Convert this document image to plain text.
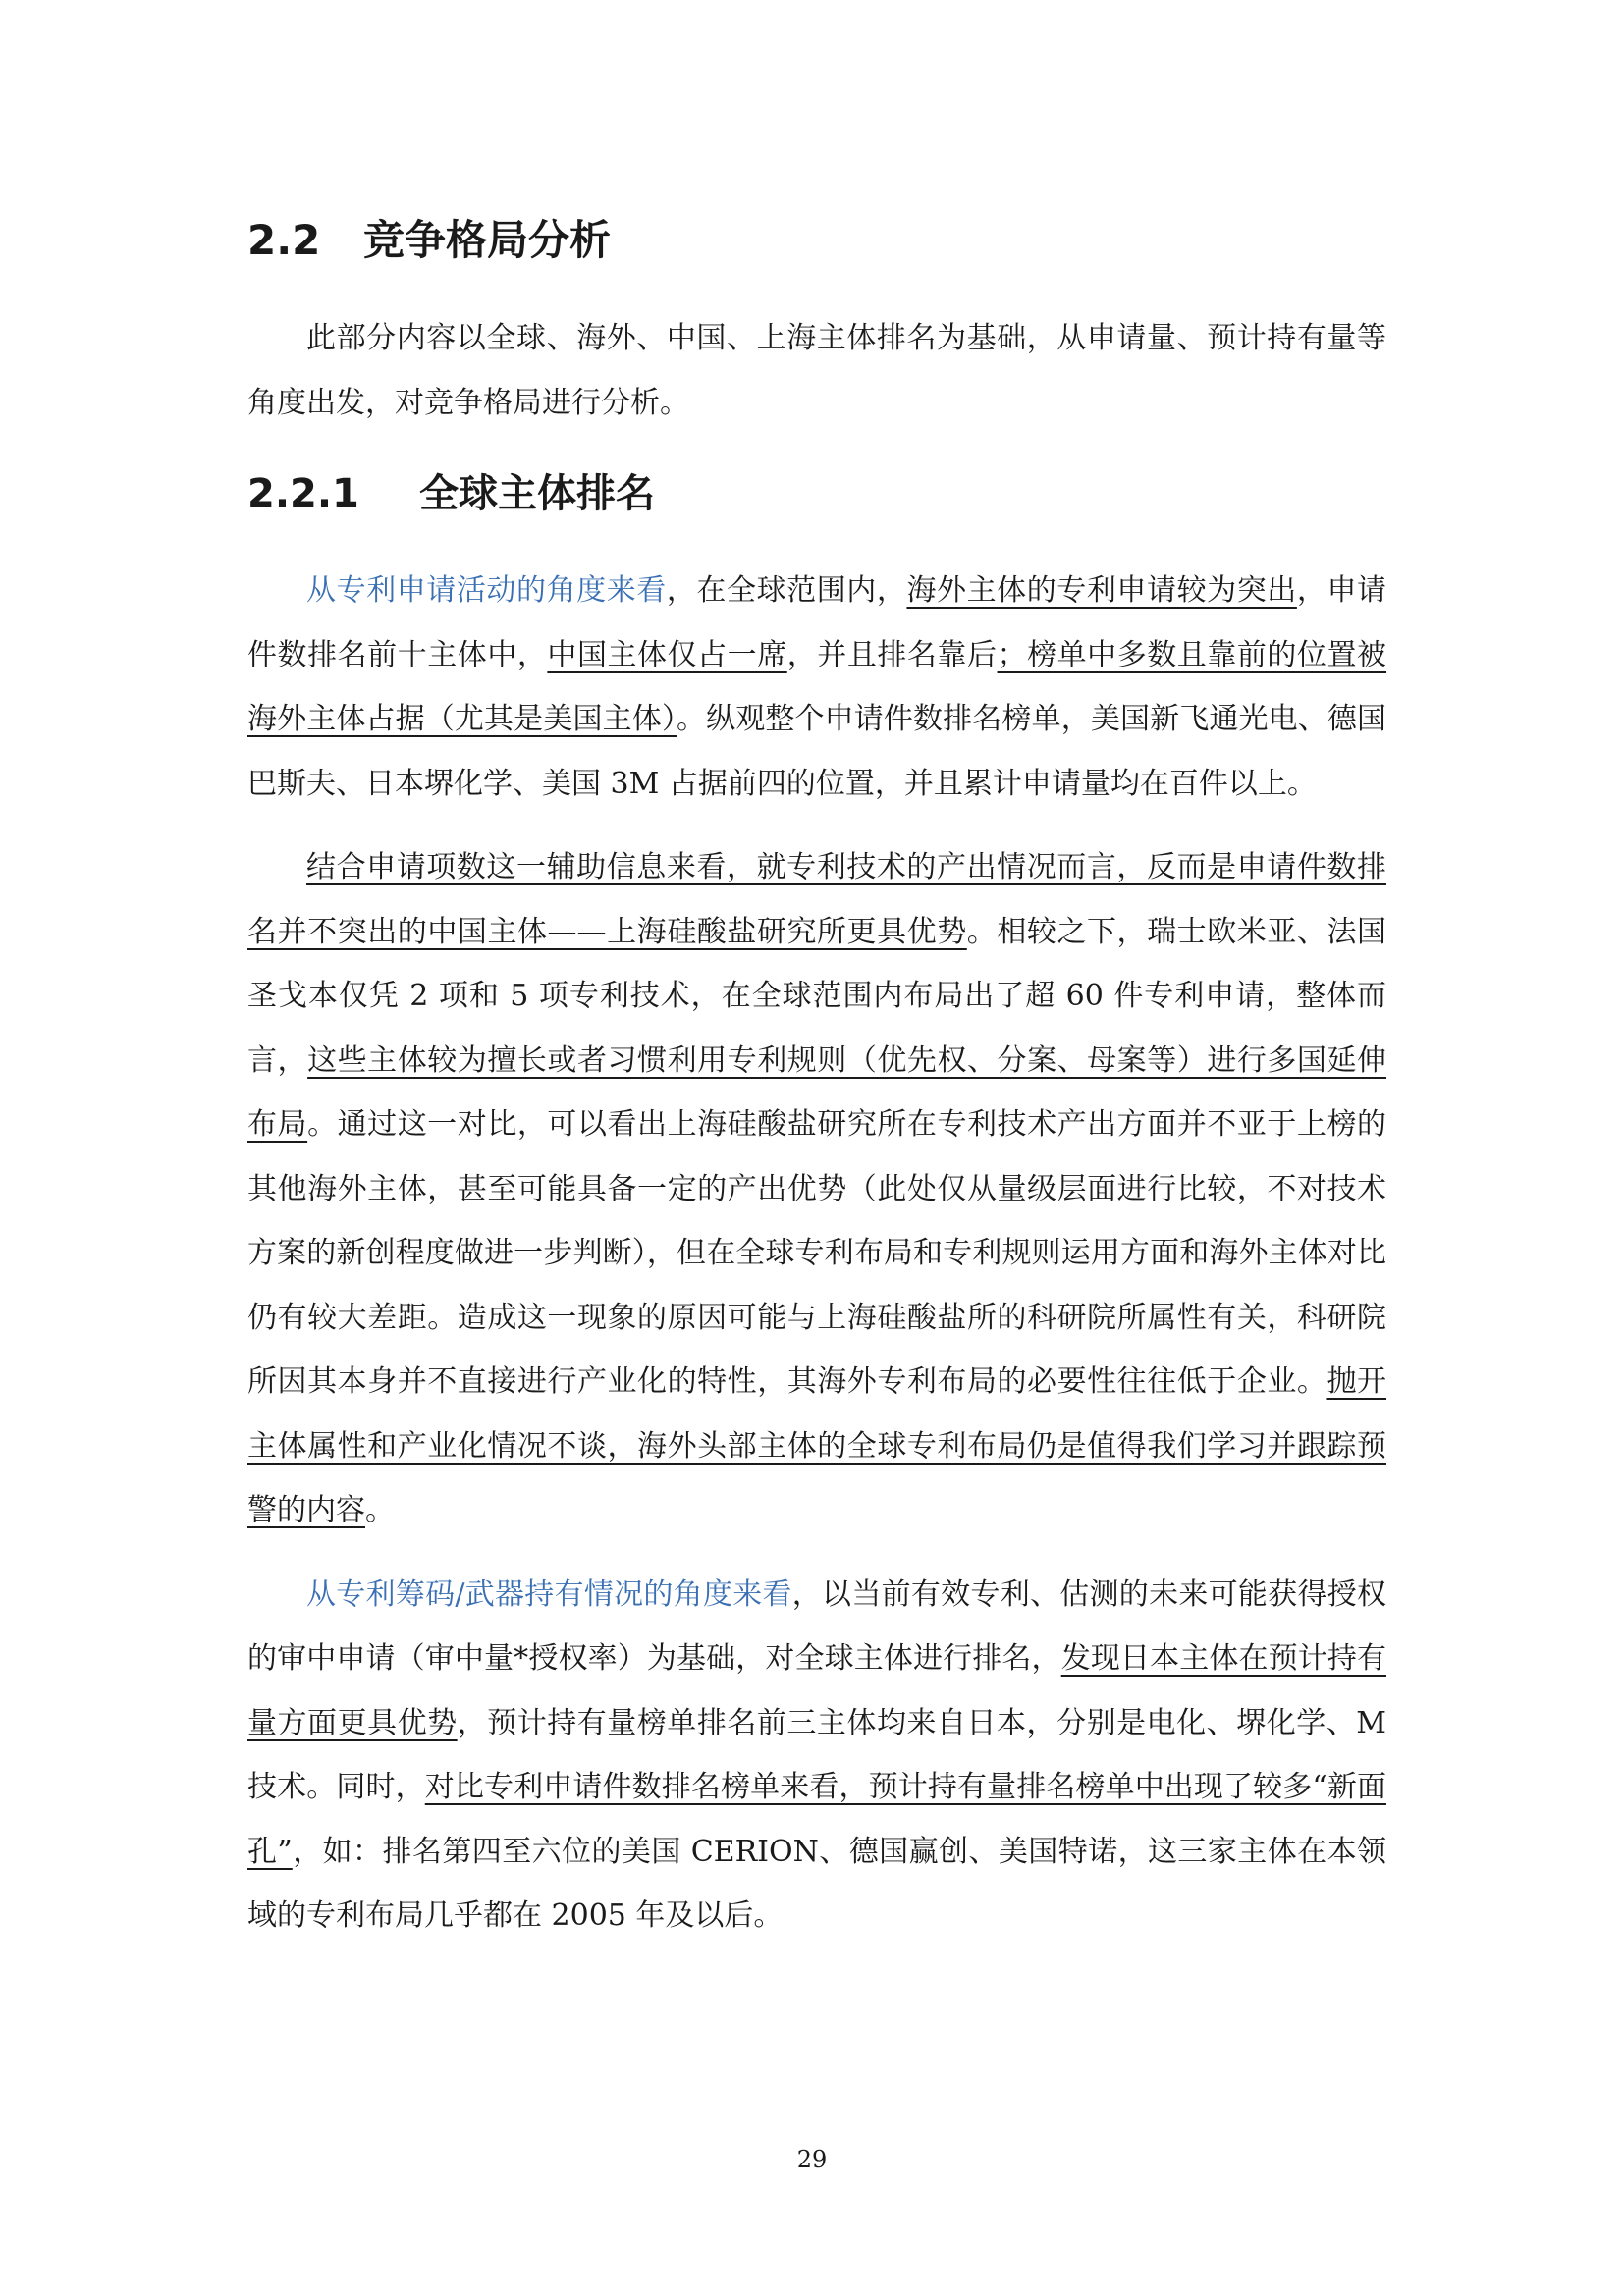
2.2 竞争格局分析

此部分内容以全球、海外、中国、上海主体排名为基础，从申请量、预计持有量等角度出发，对竞争格局进行分析。

2.2.1 全球主体排名

从专利申请活动的角度来看，在全球范围内，海外主体的专利申请较为突出，申请件数排名前十主体中，中国主体仅占一席，并且排名靠后；榜单中多数且靠前的位置被海外主体占据（尤其是美国主体）。纵观整个申请件数排名榜单，美国新飞通光电、德国巴斯夫、日本堺化学、美国 3M 占据前四的位置，并且累计申请量均在百件以上。

结合申请项数这一辅助信息来看，就专利技术的产出情况而言，反而是申请件数排名并不突出的中国主体——上海硅酸盐研究所更具优势。相较之下，瑞士欧米亚、法国圣戈本仅凭 2 项和 5 项专利技术，在全球范围内布局出了超 60 件专利申请，整体而言，这些主体较为擅长或者习惯利用专利规则（优先权、分案、母案等）进行多国延伸布局。通过这一对比，可以看出上海硅酸盐研究所在专利技术产出方面并不亚于上榜的其他海外主体，甚至可能具备一定的产出优势（此处仅从量级层面进行比较，不对技术方案的新创程度做进一步判断），但在全球专利布局和专利规则运用方面和海外主体对比仍有较大差距。造成这一现象的原因可能与上海硅酸盐所的科研院所属性有关，科研院所因其本身并不直接进行产业化的特性，其海外专利布局的必要性往往低于企业。抛开主体属性和产业化情况不谈，海外头部主体的全球专利布局仍是值得我们学习并跟踪预警的内容。

从专利筹码/武器持有情况的角度来看，以当前有效专利、估测的未来可能获得授权的审中申请（审中量*授权率）为基础，对全球主体进行排名，发现日本主体在预计持有量方面更具优势，预计持有量榜单排名前三主体均来自日本，分别是电化、堺化学、M 技术。同时，对比专利申请件数排名榜单来看，预计持有量排名榜单中出现了较多“新面孔”，如：排名第四至六位的美国 CERION、德国赢创、美国特诺，这三家主体在本领域的专利布局几乎都在 2005 年及以后。

29
